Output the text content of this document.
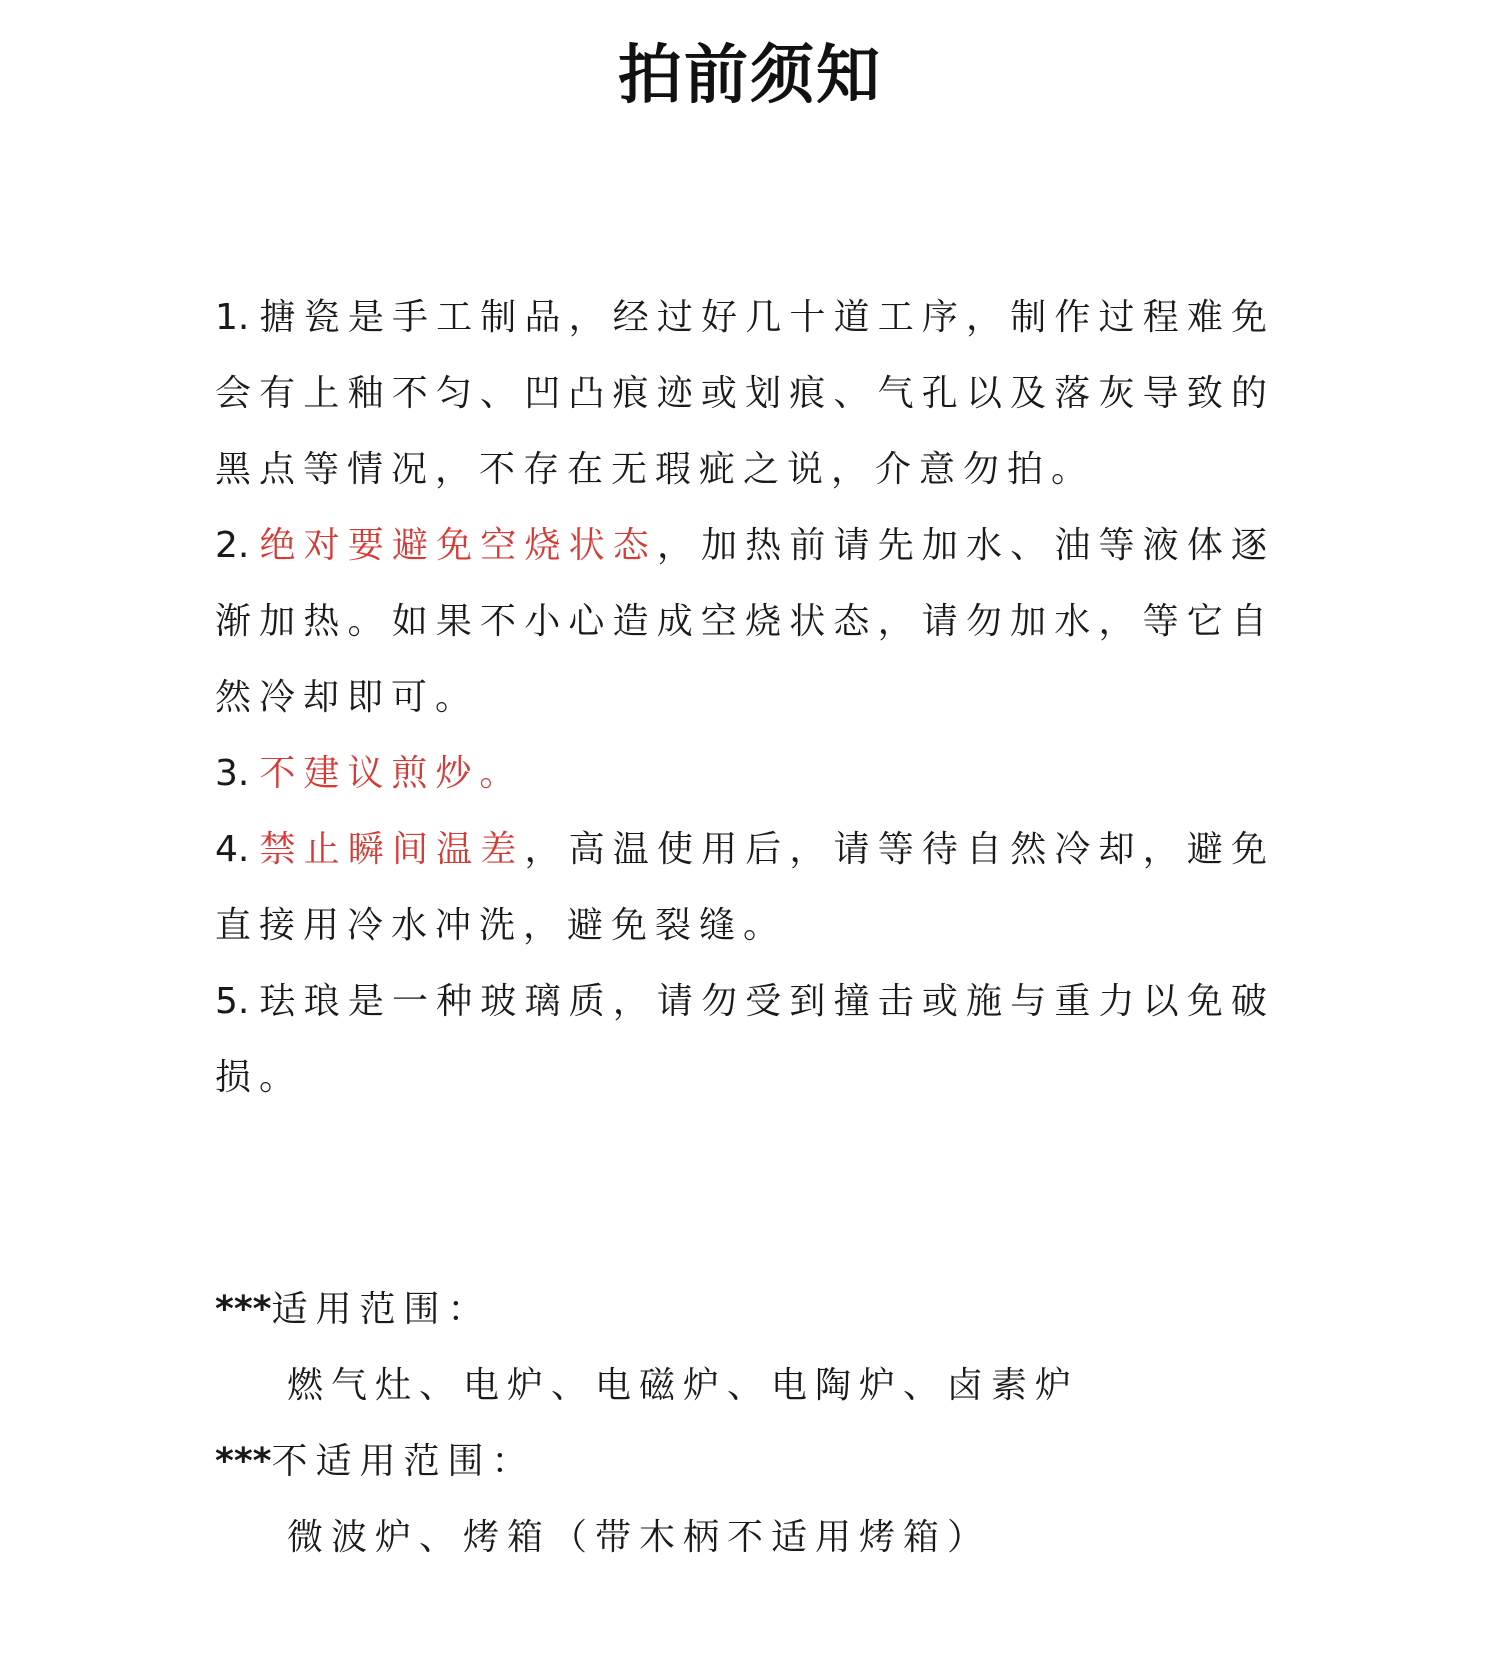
拍前须知

1. 搪瓷是手工制品，经过好几十道工序，制作过程难免会有上釉不匀、凹凸痕迹或划痕、气孔以及落灰导致的黑点等情况，不存在无瑕疵之说，介意勿拍。

2. 绝对要避免空烧状态，加热前请先加水、油等液体逐渐加热。如果不小心造成空烧状态，请勿加水，等它自然冷却即可。

3. 不建议煎炒。

4. 禁止瞬间温差，高温使用后，请等待自然冷却，避免直接用冷水冲洗，避免裂缝。

5. 珐琅是一种玻璃质，请勿受到撞击或施与重力以免破损。

***适用范围：

燃气灶、电炉、电磁炉、电陶炉、卤素炉

***不适用范围：

微波炉、烤箱（带木柄不适用烤箱）
